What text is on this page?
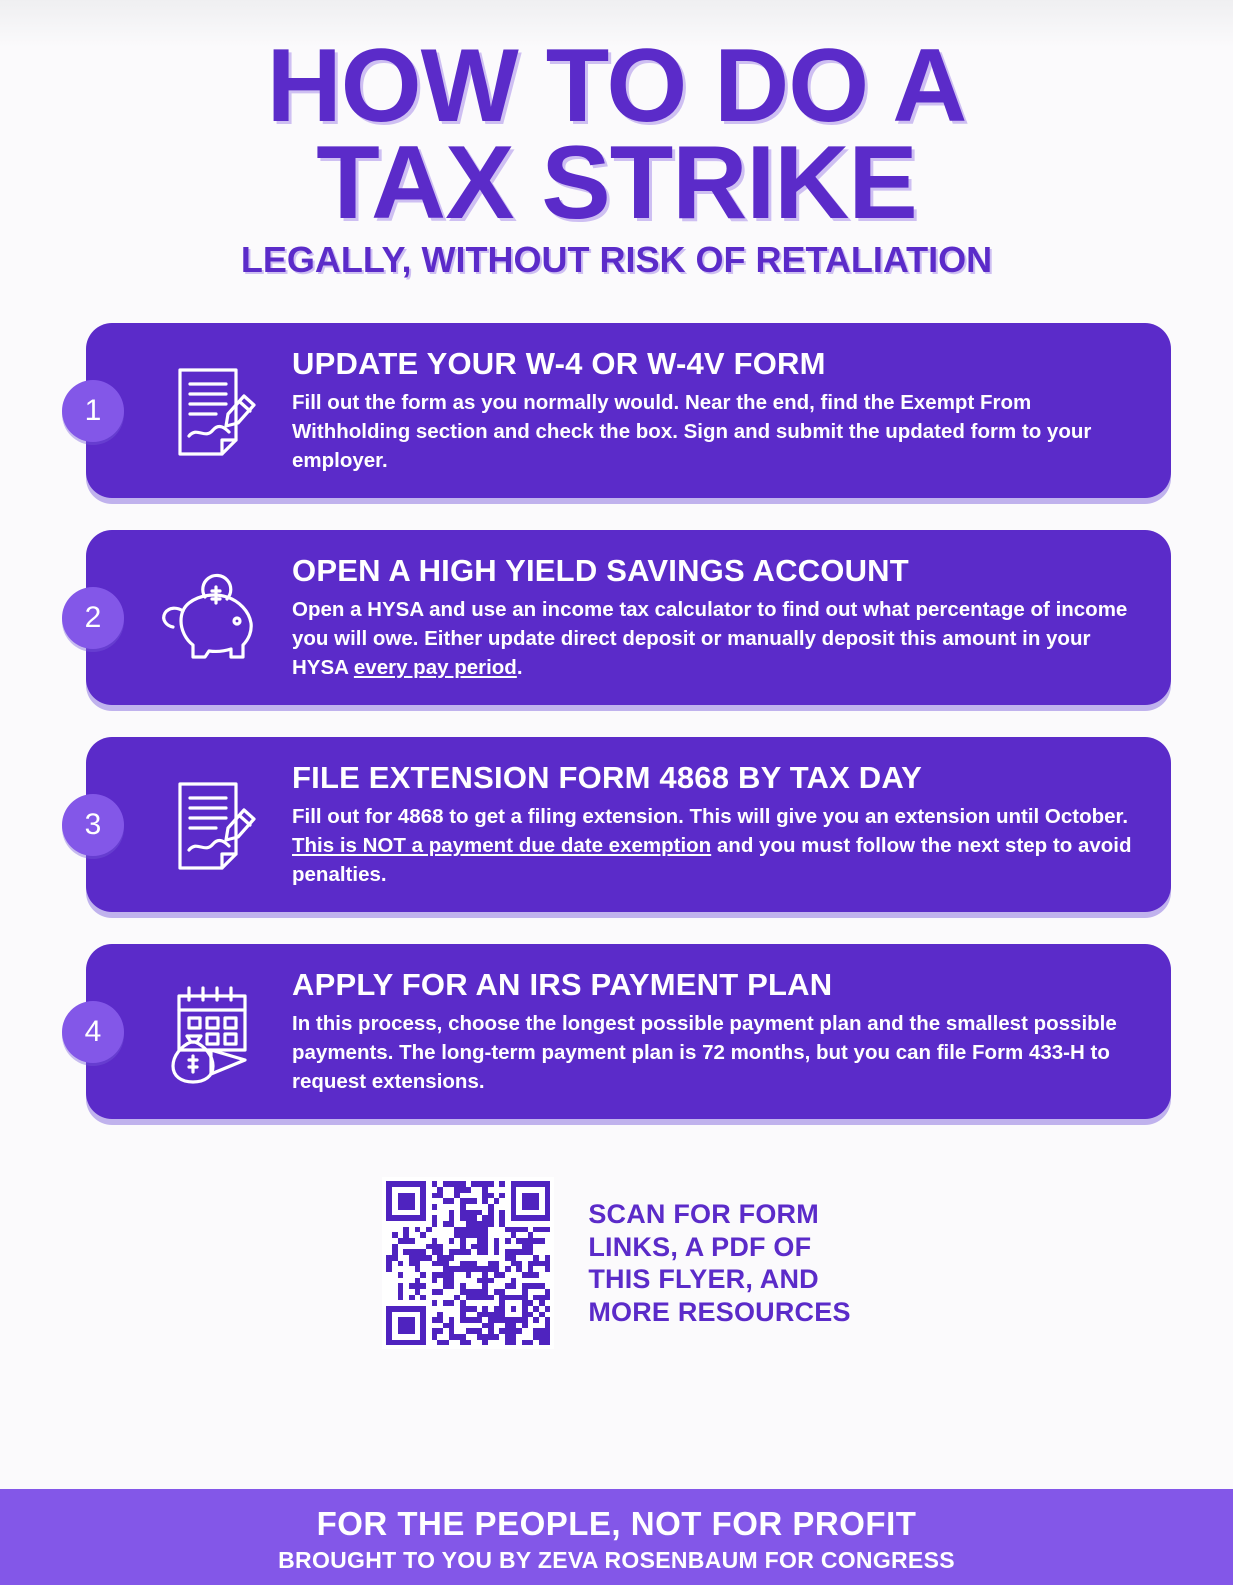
HOW TO DO A
TAX STRIKE
LEGALLY, WITHOUT RISK OF RETALIATION
UPDATE YOUR W-4 OR W-4V FORM
Fill out the form as you normally would. Near the end, find the Exempt From Withholding section and check the box. Sign and submit the updated form to your employer.
1
OPEN A HIGH YIELD SAVINGS ACCOUNT
Open a HYSA and use an income tax calculator to find out what percentage of income you will owe. Either update direct deposit or manually deposit this amount in your HYSA every pay period.
2
FILE EXTENSION FORM 4868 BY TAX DAY
Fill out for 4868 to get a filing extension. This will give you an extension until October. This is NOT a payment due date exemption and you must follow the next step to avoid penalties.
3
APPLY FOR AN IRS PAYMENT PLAN
In this process, choose the longest possible payment plan and the smallest possible payments. The long-term payment plan is 72 months, but you can file Form 433-H to request extensions.
4
SCAN FOR FORM
LINKS, A PDF OF
THIS FLYER, AND
MORE RESOURCES
FOR THE PEOPLE, NOT FOR PROFIT
BROUGHT TO YOU BY ZEVA ROSENBAUM FOR CONGRESS
